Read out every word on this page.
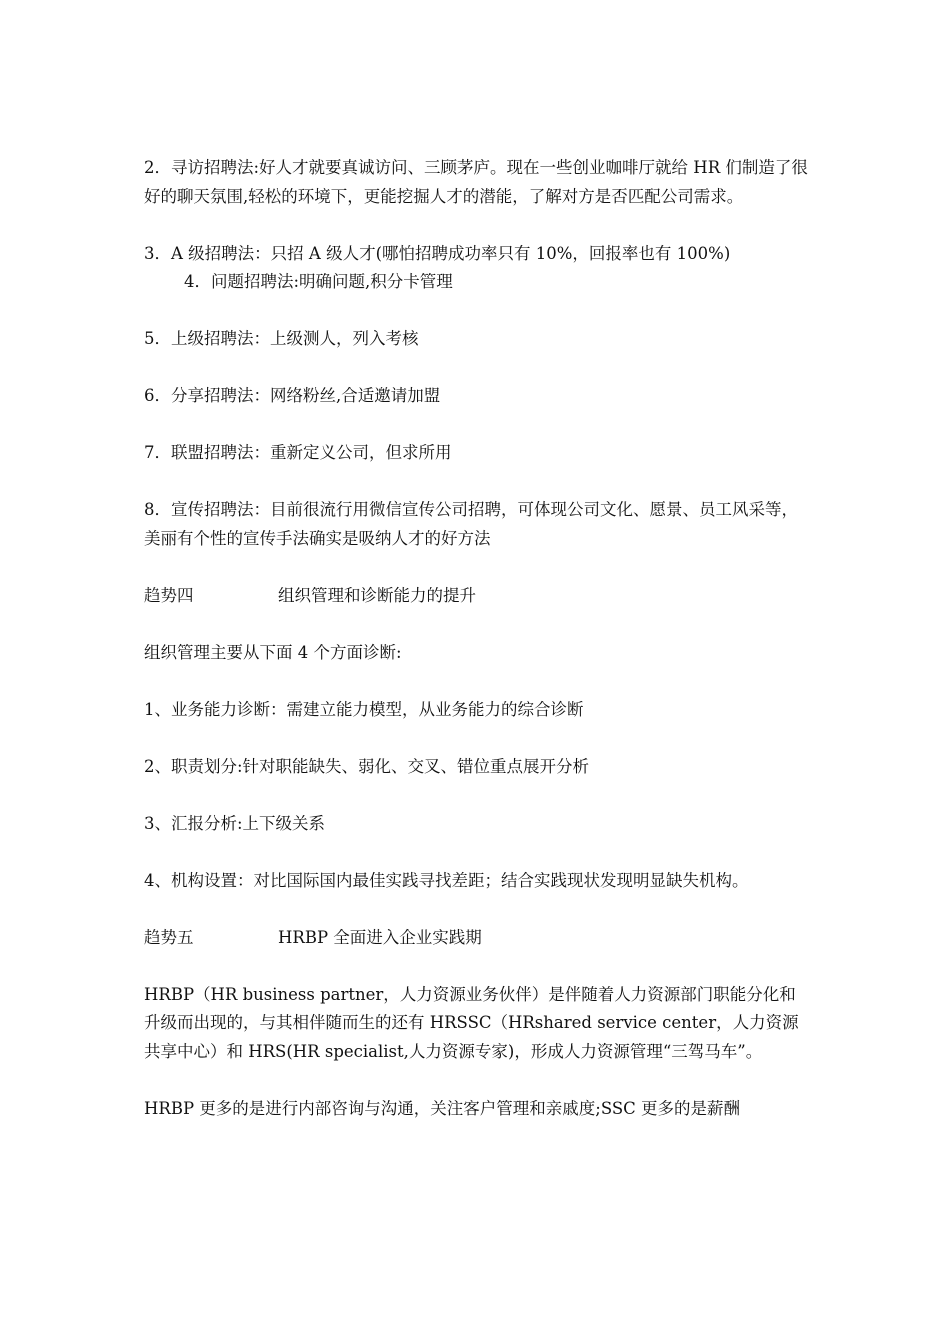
2．寻访招聘法:好人才就要真诚访问、三顾茅庐。现在一些创业咖啡厅就给 HR 们制造了很好的聊天氛围,轻松的环境下，更能挖掘人才的潜能，了解对方是否匹配公司需求。

3．A 级招聘法：只招 A 级人才(哪怕招聘成功率只有 10%，回报率也有 100%)

4．问题招聘法:明确问题,积分卡管理

5．上级招聘法：上级测人，列入考核

6．分享招聘法：网络粉丝,合适邀请加盟

7．联盟招聘法：重新定义公司，但求所用

8．宣传招聘法：目前很流行用微信宣传公司招聘，可体现公司文化、愿景、员工风采等，美丽有个性的宣传手法确实是吸纳人才的好方法

趋势四	组织管理和诊断能力的提升

组织管理主要从下面 4 个方面诊断:

1、业务能力诊断：需建立能力模型，从业务能力的综合诊断

2、职责划分:针对职能缺失、弱化、交叉、错位重点展开分析

3、汇报分析:上下级关系

4、机构设置：对比国际国内最佳实践寻找差距；结合实践现状发现明显缺失机构。

趋势五	HRBP 全面进入企业实践期

HRBP（HR business partner，人力资源业务伙伴）是伴随着人力资源部门职能分化和升级而出现的，与其相伴随而生的还有 HRSSC（HRshared service center，人力资源共享中心）和 HRS(HR specialist,人力资源专家)，形成人力资源管理“三驾马车”。

HRBP 更多的是进行内部咨询与沟通，关注客户管理和亲戚度;SSC 更多的是薪酬
